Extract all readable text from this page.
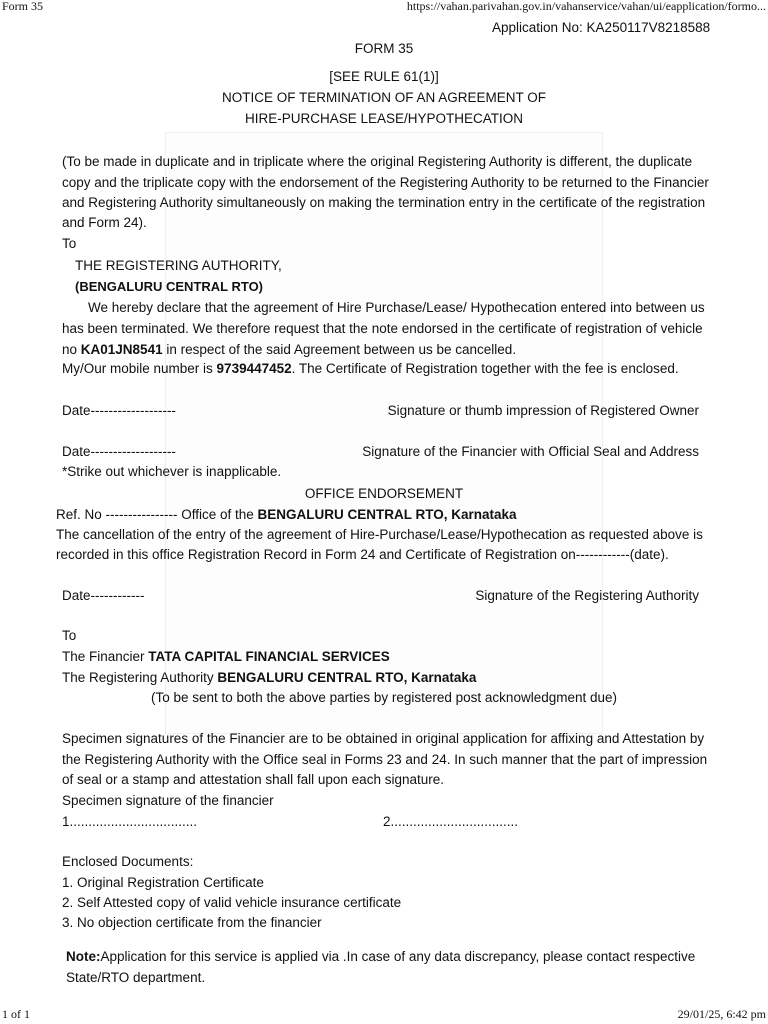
Form 35	https://vahan.parivahan.gov.in/vahanservice/vahan/ui/eapplication/formo...
Application No: KA250117V8218588
FORM 35
[SEE RULE 61(1)]
NOTICE OF TERMINATION OF AN AGREEMENT OF
HIRE-PURCHASE LEASE/HYPOTHECATION
(To be made in duplicate and in triplicate where the original Registering Authority is different, the duplicate
copy and the triplicate copy with the endorsement of the Registering Authority to be returned to the Financier
and Registering Authority simultaneously on making the termination entry in the certificate of the registration
and Form 24).
To
THE REGISTERING AUTHORITY,
(BENGALURU CENTRAL RTO)
We hereby declare that the agreement of Hire Purchase/Lease/ Hypothecation entered into between us
has been terminated. We therefore request that the note endorsed in the certificate of registration of vehicle
no KA01JN8541 in respect of the said Agreement between us be cancelled.
My/Our mobile number is 9739447452. The Certificate of Registration together with the fee is enclosed.
Date-------------------	Signature or thumb impression of Registered Owner
Date-------------------	Signature of the Financier with Official Seal and Address
*Strike out whichever is inapplicable.
OFFICE ENDORSEMENT
Ref. No ---------------- Office of the BENGALURU CENTRAL RTO, Karnataka
The cancellation of the entry of the agreement of Hire-Purchase/Lease/Hypothecation as requested above is
recorded in this office Registration Record in Form 24 and Certificate of Registration on------------(date).
Date------------	Signature of the Registering Authority
To
The Financier TATA CAPITAL FINANCIAL SERVICES
The Registering Authority BENGALURU CENTRAL RTO, Karnataka
(To be sent to both the above parties by registered post acknowledgment due)
Specimen signatures of the Financier are to be obtained in original application for affixing and Attestation by
the Registering Authority with the Office seal in Forms 23 and 24. In such manner that the part of impression
of seal or a stamp and attestation shall fall upon each signature.
Specimen signature of the financier
1..................................	2..................................
Enclosed Documents:
1. Original Registration Certificate
2. Self Attested copy of valid vehicle insurance certificate
3. No objection certificate from the financier
Note:Application for this service is applied via .In case of any data discrepancy, please contact respective
State/RTO department.
1 of 1	29/01/25, 6:42 pm
